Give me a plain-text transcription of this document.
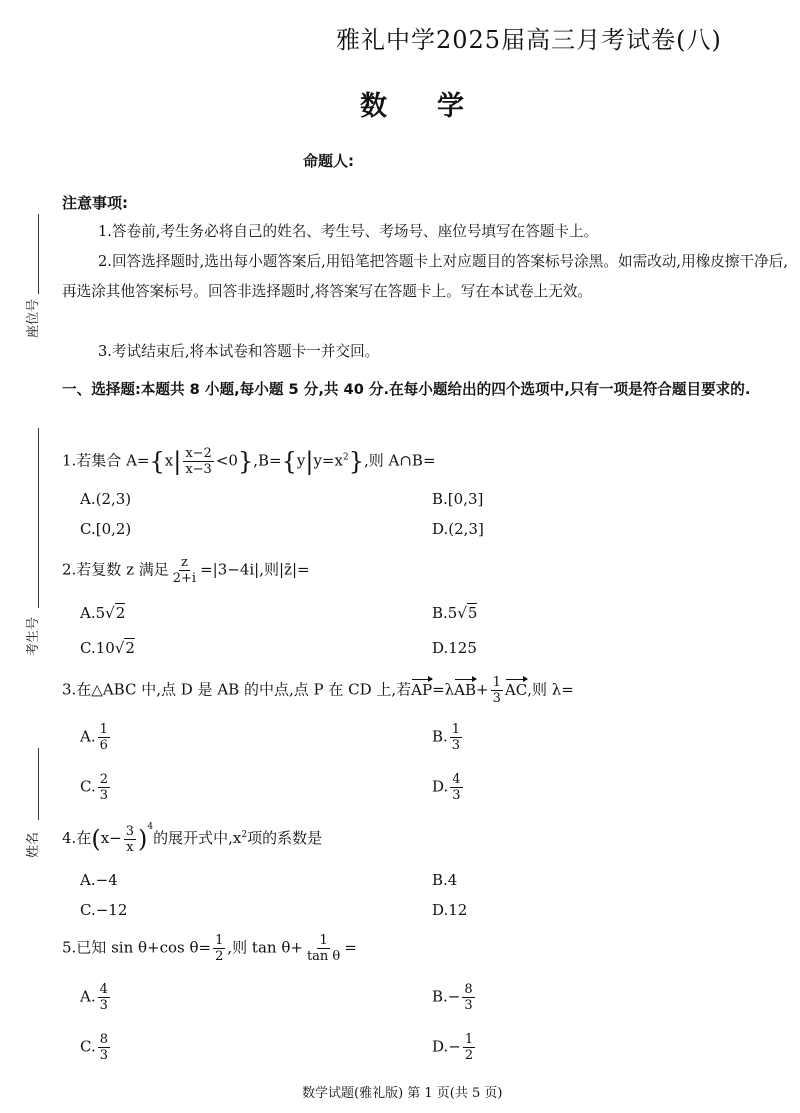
座位号
考生号
姓名
雅礼中学2025届高三月考试卷(八)
数学
命题人:
注意事项:
1.答卷前,考生务必将自己的姓名、考生号、考场号、座位号填写在答题卡上。
2.回答选择题时,选出每小题答案后,用铅笔把答题卡上对应题目的答案标号涂黑。如需改动,用橡皮擦干净后,再选涂其他答案标号。回答非选择题时,将答案写在答题卡上。写在本试卷上无效。
3.考试结束后,将本试卷和答题卡一并交回。
一、选择题:本题共 8 小题,每小题 5 分,共 40 分.在每小题给出的四个选项中,只有一项是符合题目要求的.
1.若集合 $A=\{x| \frac{x-2}{x-3} <0\},B=\{y|y=x^2\}$,则 A∩B=
A.(2,3)	B.[0,3]
C.[0,2)	D.(2,3]
2.若复数 z 满足 $\frac{z}{2+i} =|3-4i|$,则|z̄|=
A.5√2	B.5√5
C.10√2	D.125
3.在△ABC 中,点 D 是 AB 的中点,点 P 在 CD 上,若$AP=\lambda AB+ \frac{1}{3}$ AC,则 λ=
A. $\frac{1}{6}$	B. $\frac{1}{3}$
C. $\frac{2}{3}$	D. $\frac{4}{3}$
4.在$(x- \frac{3}{x} )^4$的展开式中$,x^2$项的系数是
A.−4	B.4
C.−12	D.12
5.已知 sin θ+cos $\theta= \frac{1}{2}$ ,则 $\tan \theta+ \frac{1}{\text{tan θ}}$ =
A. $\frac{4}{3}$	$B.- \frac{8}{3}$
C. $\frac{8}{3}$	$D.- \frac{1}{2}$
数学试题(雅礼版) 第 1 页(共 5 页)
